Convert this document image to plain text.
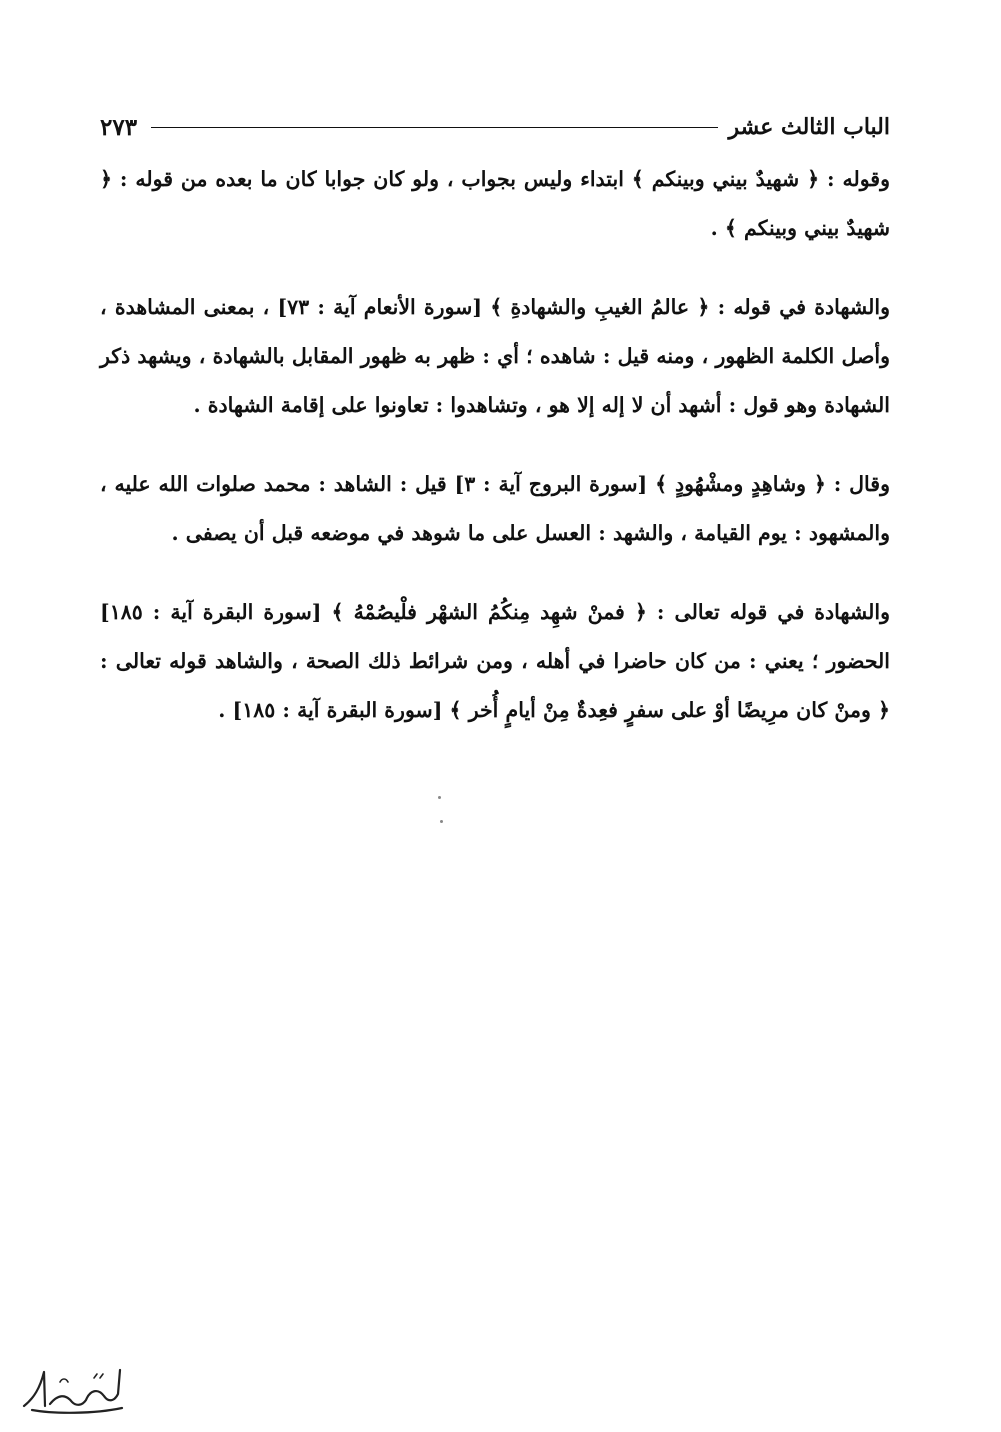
الباب الثالث عشر
٢٧٣

وقوله : ﴿ شهيدٌ بيني وبينكم ﴾ ابتداء وليس بجواب ، ولو كان جوابا كان ما بعده من قوله : ﴿ شهيدٌ بيني وبينكم ﴾ .

والشهادة في قوله : ﴿ عالمُ الغيبِ والشهادةِ ﴾ [سورة الأنعام آية : ٧٣] ، بمعنى المشاهدة ، وأصل الكلمة الظهور ، ومنه قيل : شاهده ؛ أي : ظهر به ظهور المقابل بالشهادة ، ويشهد ذكر الشهادة وهو قول : أشهد أن لا إله إلا هو ، وتشاهدوا : تعاونوا على إقامة الشهادة .

وقال : ﴿ وشاهِدٍ ومشْهُودٍ ﴾ [سورة البروج آية : ٣] قيل : الشاهد : محمد صلوات الله عليه ، والمشهود : يوم القيامة ، والشهد : العسل على ما شوهد في موضعه قبل أن يصفى .

والشهادة في قوله تعالى : ﴿ فمنْ شهِد مِنكُمُ الشهْر فلْيصُمْهُ ﴾ [سورة البقرة آية : ١٨٥] الحضور ؛ يعني : من كان حاضرا في أهله ، ومن شرائط ذلك الصحة ، والشاهد قوله تعالى : ﴿ ومنْ كان مرِيضًا أوْ على سفرٍ فعِدةٌ مِنْ أيامٍ أُخر ﴾ [سورة البقرة آية : ١٨٥] .
